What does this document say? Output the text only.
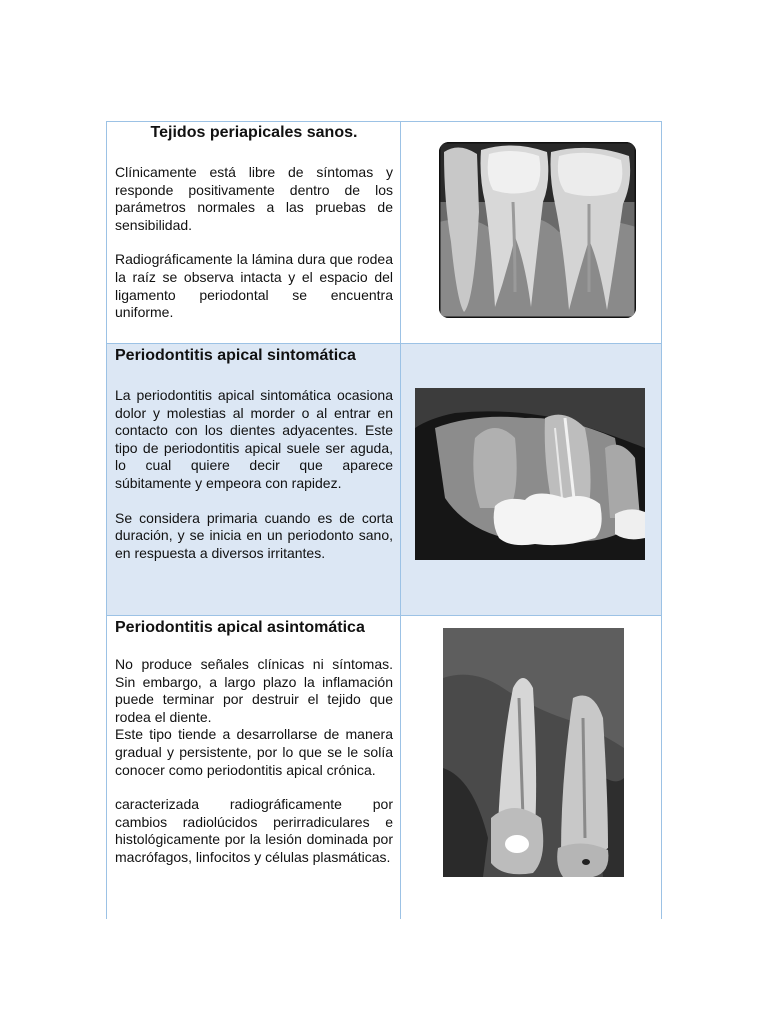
Tejidos periapicales sanos.

Clínicamente está libre de síntomas y responde positivamente dentro de los parámetros normales a las pruebas de sensibilidad.

Radiográficamente la lámina dura que rodea la raíz se observa intacta y el espacio del ligamento periodontal se encuentra uniforme.

Periodontitis apical sintomática

La periodontitis apical sintomática ocasiona dolor y molestias al morder o al entrar en contacto con los dientes adyacentes. Este tipo de periodontitis apical suele ser aguda, lo cual quiere decir que aparece súbitamente y empeora con rapidez.

Se considera primaria cuando es de corta duración, y se inicia en un periodonto sano, en respuesta a diversos irritantes.

Periodontitis apical asintomática

No produce señales clínicas ni síntomas. Sin embargo, a largo plazo la inflamación puede terminar por destruir el tejido que rodea el diente.

Este tipo tiende a desarrollarse de manera gradual y persistente, por lo que se le solía conocer como periodontitis apical crónica.

caracterizada radiográficamente por cambios radiolúcidos perirradiculares e histológicamente por la lesión dominada por macrófagos, linfocitos y células plasmáticas.
